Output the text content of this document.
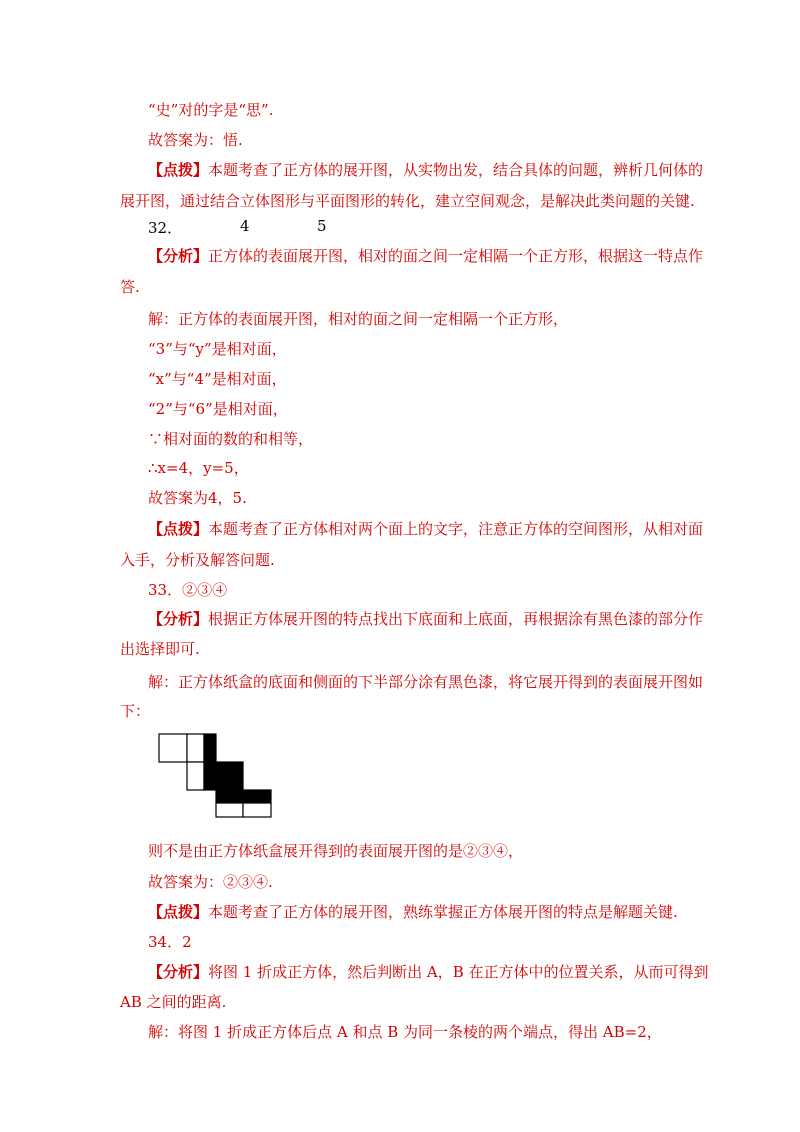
“史”对的字是“思”.
故答案为：悟.
【点拨】本题考查了正方体的展开图，从实物出发，结合具体的问题，辨析几何体的
展开图，通过结合立体图形与平面图形的转化，建立空间观念，是解决此类问题的关键.
32．	4	5
【分析】正方体的表面展开图，相对的面之间一定相隔一个正方形，根据这一特点作
答.
解：正方体的表面展开图，相对的面之间一定相隔一个正方形，
“3”与“y”是相对面，
“x”与“4”是相对面，
“2”与“6”是相对面，
∵相对面的数的和相等，
∴x=4，y=5，
故答案为4，5.
【点拨】本题考查了正方体相对两个面上的文字，注意正方体的空间图形，从相对面
入手，分析及解答问题.
33．②③④
【分析】根据正方体展开图的特点找出下底面和上底面，再根据涂有黑色漆的部分作
出选择即可.
解：正方体纸盒的底面和侧面的下半部分涂有黑色漆，将它展开得到的表面展开图如
下：
则不是由正方体纸盒展开得到的表面展开图的是②③④，
故答案为：②③④.
【点拨】本题考查了正方体的展开图，熟练掌握正方体展开图的特点是解题关键.
34．2
【分析】将图 1 折成正方体，然后判断出 A，B 在正方体中的位置关系，从而可得到
AB 之间的距离.
解：将图 1 折成正方体后点 A 和点 B 为同一条棱的两个端点，得出 AB=2，
